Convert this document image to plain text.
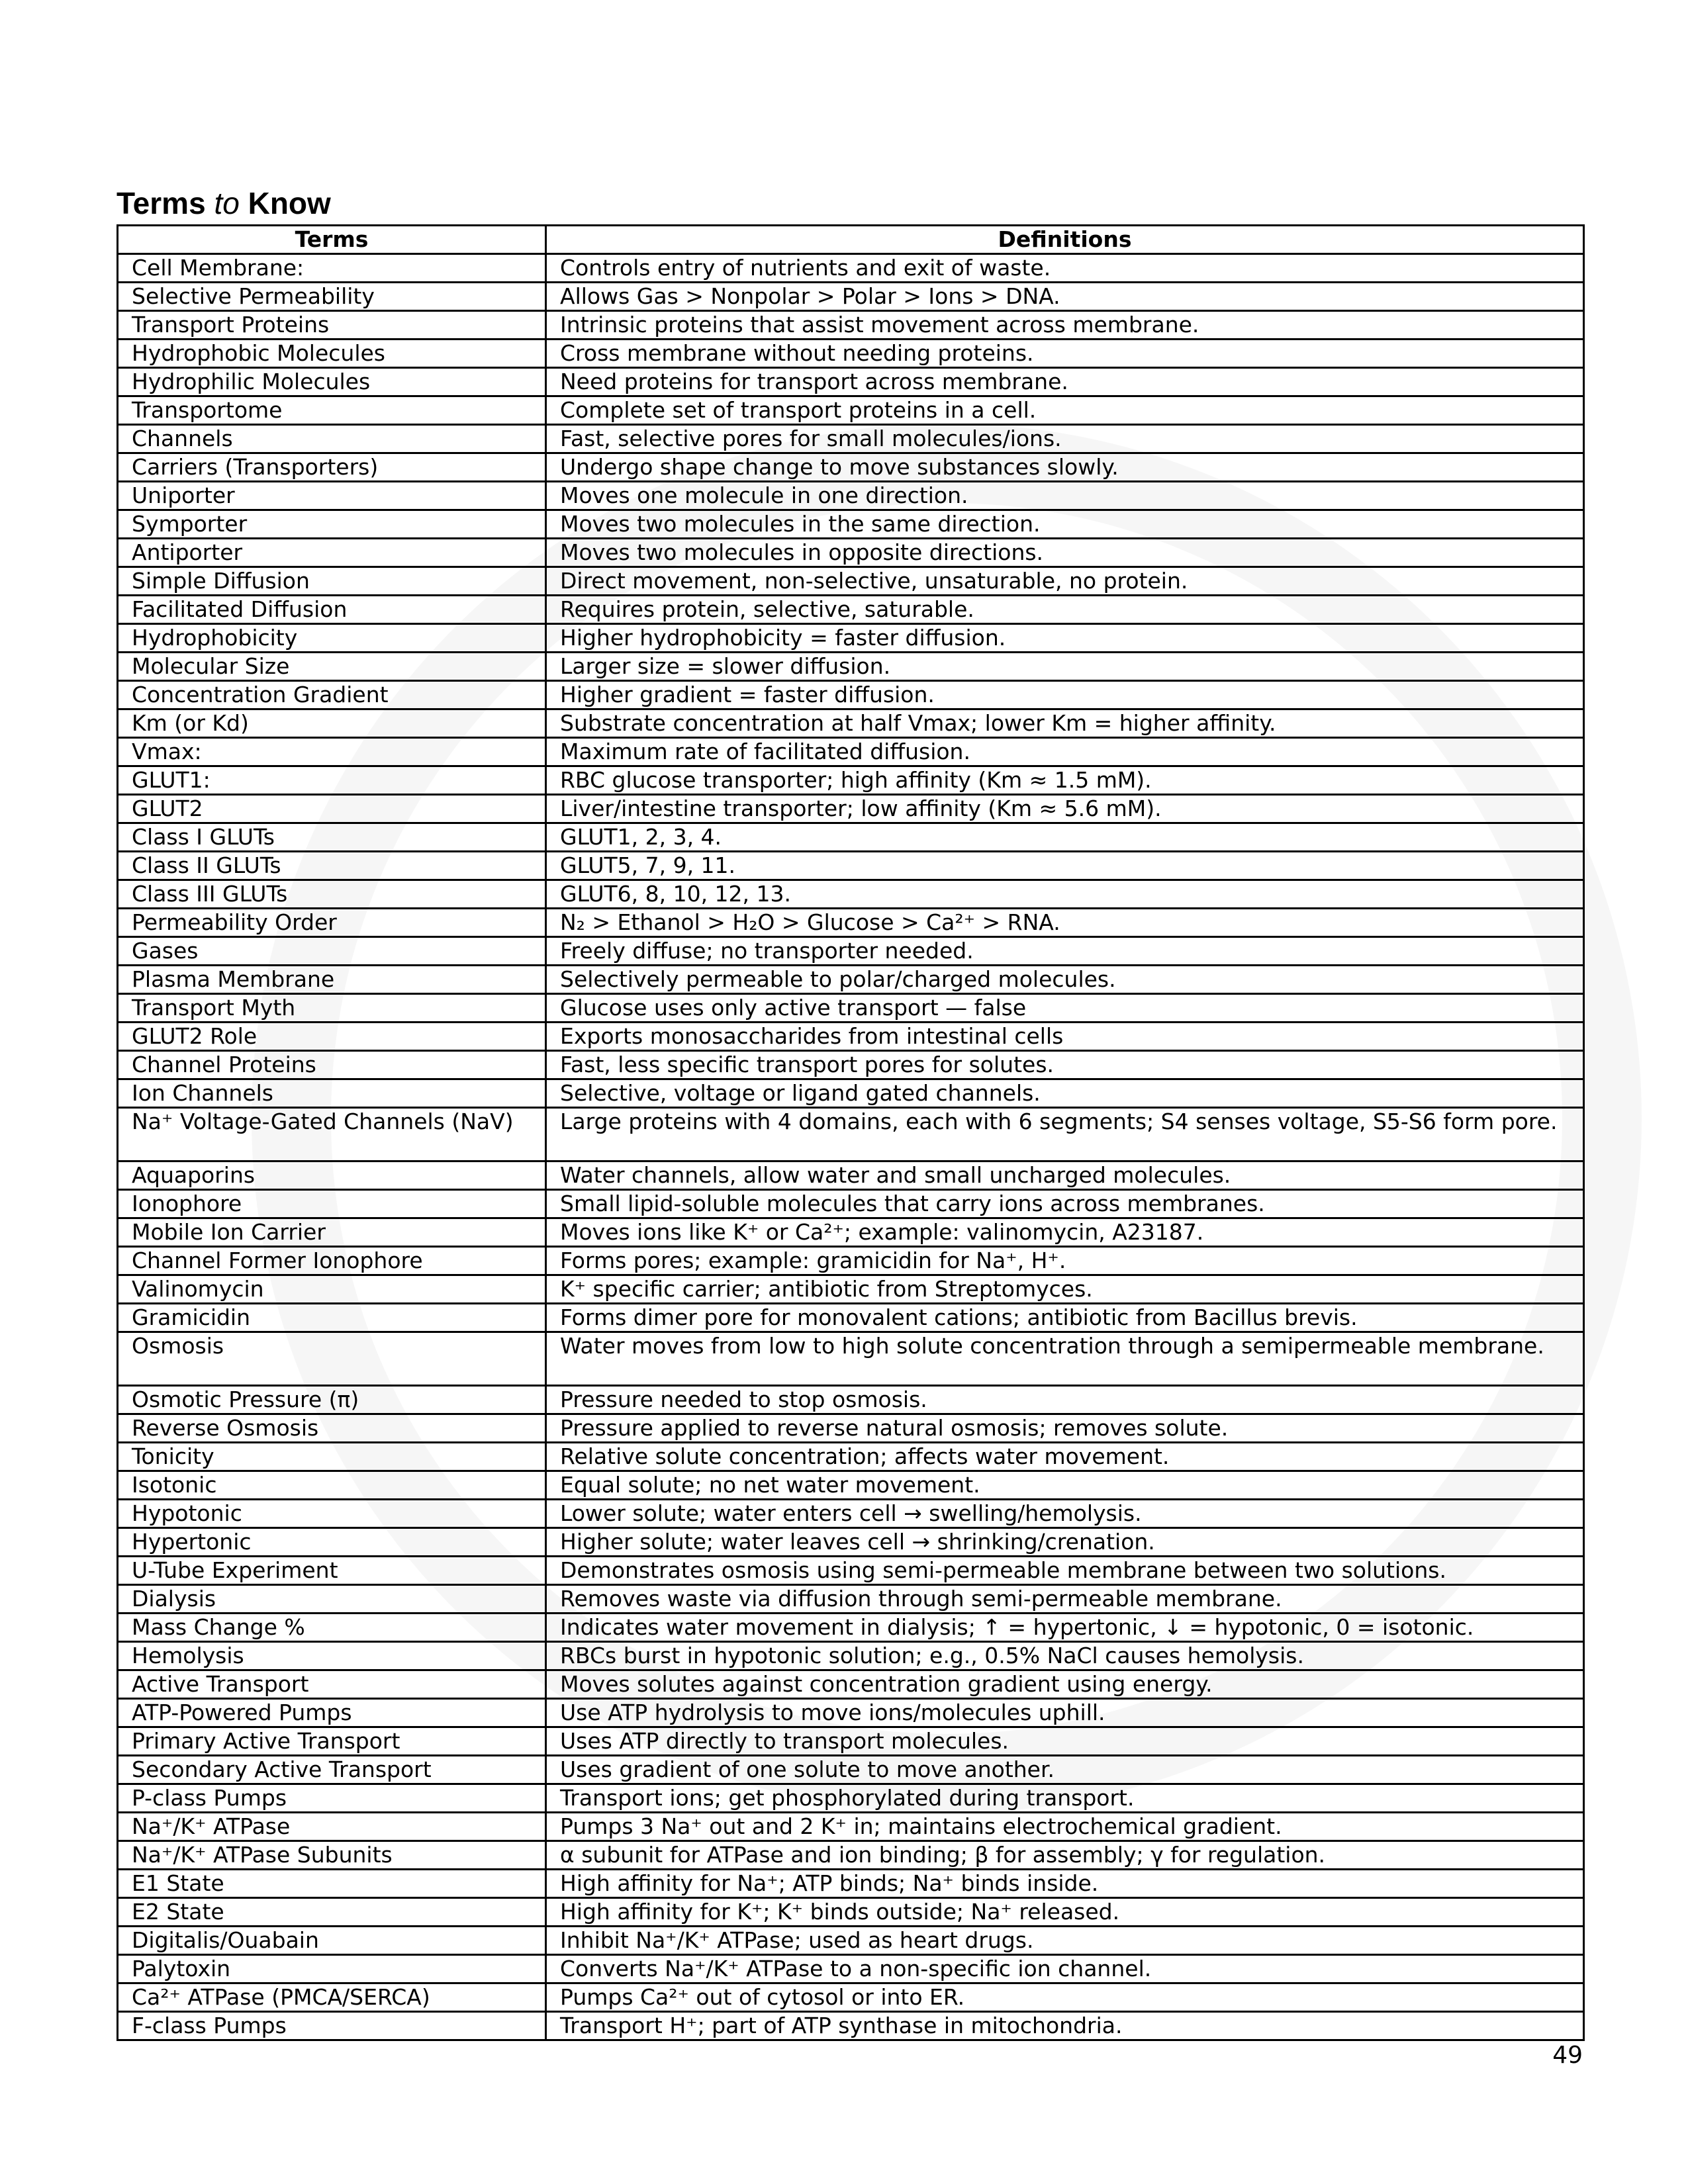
Terms to Know
Terms	Definitions
Cell Membrane:	Controls entry of nutrients and exit of waste.
Selective Permeability	Allows Gas > Nonpolar > Polar > Ions > DNA.
Transport Proteins	Intrinsic proteins that assist movement across membrane.
Hydrophobic Molecules	Cross membrane without needing proteins.
Hydrophilic Molecules	Need proteins for transport across membrane.
Transportome	Complete set of transport proteins in a cell.
Channels	Fast, selective pores for small molecules/ions.
Carriers (Transporters)	Undergo shape change to move substances slowly.
Uniporter	Moves one molecule in one direction.
Symporter	Moves two molecules in the same direction.
Antiporter	Moves two molecules in opposite directions.
Simple Diffusion	Direct movement, non-selective, unsaturable, no protein.
Facilitated Diffusion	Requires protein, selective, saturable.
Hydrophobicity	Higher hydrophobicity = faster diffusion.
Molecular Size	Larger size = slower diffusion.
Concentration Gradient	Higher gradient = faster diffusion.
Km (or Kd)	Substrate concentration at half Vmax; lower Km = higher affinity.
Vmax:	Maximum rate of facilitated diffusion.
GLUT1:	RBC glucose transporter; high affinity (Km ≈ 1.5 mM).
GLUT2	Liver/intestine transporter; low affinity (Km ≈ 5.6 mM).
Class I GLUTs	GLUT1, 2, 3, 4.
Class II GLUTs	GLUT5, 7, 9, 11.
Class III GLUTs	GLUT6, 8, 10, 12, 13.
Permeability Order	N₂ > Ethanol > H₂O > Glucose > Ca²⁺ > RNA.
Gases	Freely diffuse; no transporter needed.
Plasma Membrane	Selectively permeable to polar/charged molecules.
Transport Myth	Glucose uses only active transport — false
GLUT2 Role	Exports monosaccharides from intestinal cells
Channel Proteins	Fast, less specific transport pores for solutes.
Ion Channels	Selective, voltage or ligand gated channels.
Na⁺ Voltage-Gated Channels (NaV)	Large proteins with 4 domains, each with 6 segments; S4 senses voltage, S5-S6 form pore.
Aquaporins	Water channels, allow water and small uncharged molecules.
Ionophore	Small lipid-soluble molecules that carry ions across membranes.
Mobile Ion Carrier	Moves ions like K⁺ or Ca²⁺; example: valinomycin, A23187.
Channel Former Ionophore	Forms pores; example: gramicidin for Na⁺, H⁺.
Valinomycin	K⁺ specific carrier; antibiotic from Streptomyces.
Gramicidin	Forms dimer pore for monovalent cations; antibiotic from Bacillus brevis.
Osmosis	Water moves from low to high solute concentration through a semipermeable membrane.
Osmotic Pressure (π)	Pressure needed to stop osmosis.
Reverse Osmosis	Pressure applied to reverse natural osmosis; removes solute.
Tonicity	Relative solute concentration; affects water movement.
Isotonic	Equal solute; no net water movement.
Hypotonic	Lower solute; water enters cell → swelling/hemolysis.
Hypertonic	Higher solute; water leaves cell → shrinking/crenation.
U-Tube Experiment	Demonstrates osmosis using semi-permeable membrane between two solutions.
Dialysis	Removes waste via diffusion through semi-permeable membrane.
Mass Change %	Indicates water movement in dialysis; ↑ = hypertonic, ↓ = hypotonic, 0 = isotonic.
Hemolysis	RBCs burst in hypotonic solution; e.g., 0.5% NaCl causes hemolysis.
Active Transport	Moves solutes against concentration gradient using energy.
ATP-Powered Pumps	Use ATP hydrolysis to move ions/molecules uphill.
Primary Active Transport	Uses ATP directly to transport molecules.
Secondary Active Transport	Uses gradient of one solute to move another.
P-class Pumps	Transport ions; get phosphorylated during transport.
Na⁺/K⁺ ATPase	Pumps 3 Na⁺ out and 2 K⁺ in; maintains electrochemical gradient.
Na⁺/K⁺ ATPase Subunits	α subunit for ATPase and ion binding; β for assembly; γ for regulation.
E1 State	High affinity for Na⁺; ATP binds; Na⁺ binds inside.
E2 State	High affinity for K⁺; K⁺ binds outside; Na⁺ released.
Digitalis/Ouabain	Inhibit Na⁺/K⁺ ATPase; used as heart drugs.
Palytoxin	Converts Na⁺/K⁺ ATPase to a non-specific ion channel.
Ca²⁺ ATPase (PMCA/SERCA)	Pumps Ca²⁺ out of cytosol or into ER.
F-class Pumps	Transport H⁺; part of ATP synthase in mitochondria.
49
